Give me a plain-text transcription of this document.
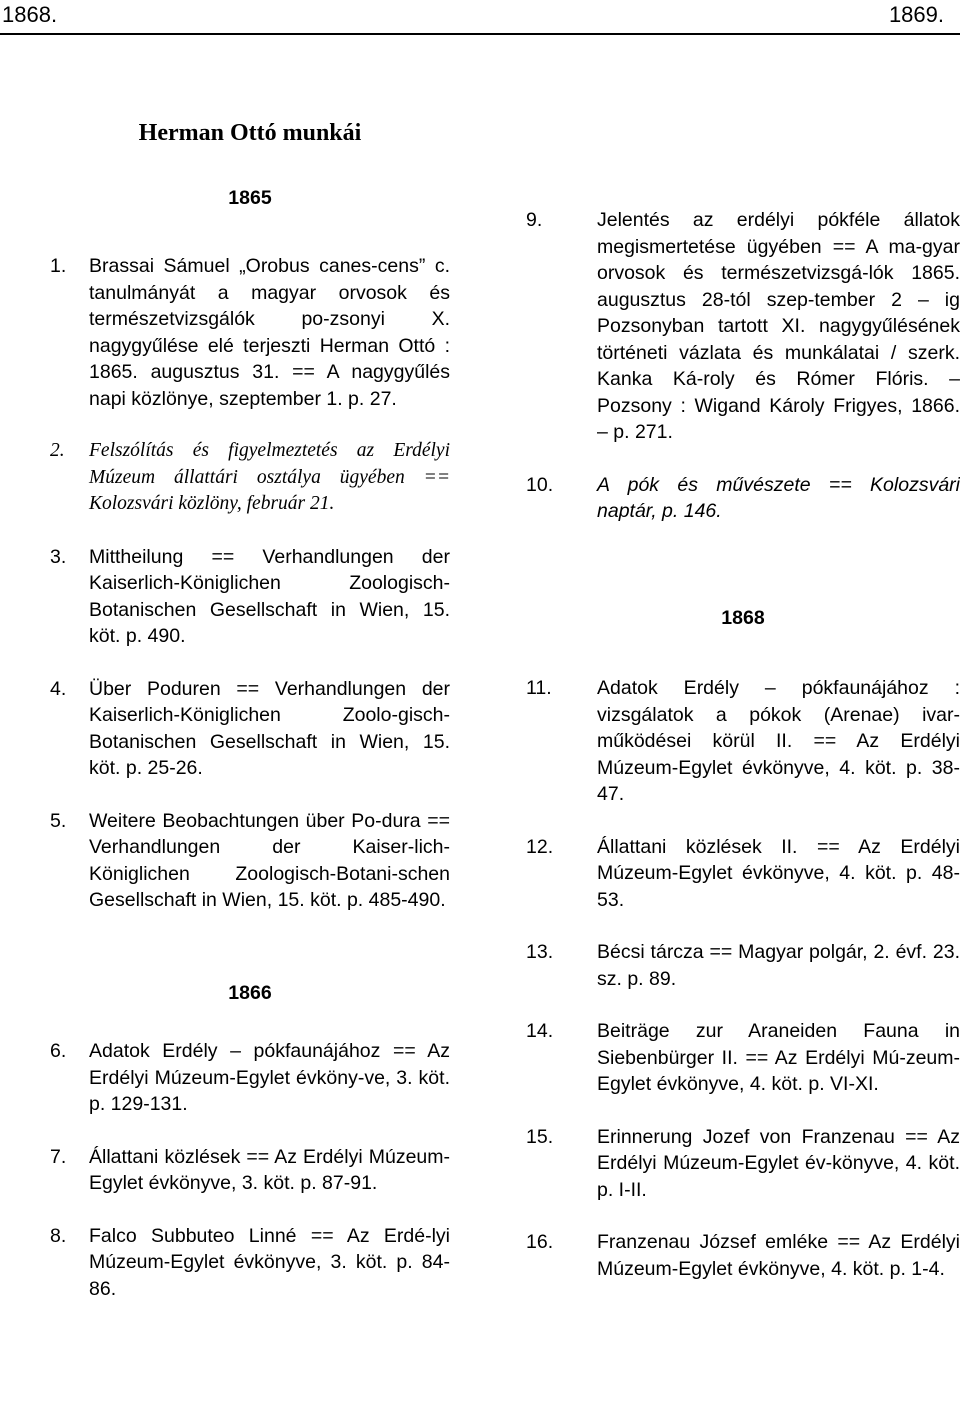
1868.	1869.
Herman Ottó munkái
1865
1.	Brassai Sámuel „Orobus canes-cens” c. tanulmányát a magyar orvosok és természetvizsgálók po-zsonyi X. nagygyűlése elé terjeszti Herman Ottó : 1865. augusztus 31. == A nagygyűlés napi közlönye, szeptember 1. p. 27.
2.	Felszólítás és figyelmeztetés az Erdélyi Múzeum állattári osztálya ügyében == Kolozsvári közlöny, február 21.
3.	Mittheilung == Verhandlungen der Kaiserlich-Königlichen Zoologisch-Botanischen Gesellschaft in Wien, 15. köt. p. 490.
4.	Über Poduren == Verhandlungen der Kaiserlich-Königlichen Zoolo-gisch-Botanischen Gesellschaft in Wien, 15. köt. p. 25-26.
5.	Weitere Beobachtungen über Po-dura == Verhandlungen der Kaiser-lich-Königlichen Zoologisch-Botani-schen Gesellschaft in Wien, 15. köt. p. 485-490.
1866
6.	Adatok Erdély – pókfaunájához == Az Erdélyi Múzeum-Egylet évköny-ve, 3. köt. p. 129-131.
7.	Állattani közlések == Az Erdélyi Múzeum-Egylet évkönyve, 3. köt. p. 87-91.
8.	Falco Subbuteo Linné == Az Erdé-lyi Múzeum-Egylet évkönyve, 3. köt. p. 84-86.
9.	Jelentés az erdélyi pókféle állatok megismertetése ügyében == A ma-gyar orvosok és természetvizsgá-lók 1865. augusztus 28-tól szep-tember 2 – ig Pozsonyban tartott XI. nagygyűlésének történeti vázlata és munkálatai / szerk. Kanka Ká-roly és Rómer Flóris. – Pozsony : Wigand Károly Frigyes, 1866. – p. 271.
10.	A pók és művészete == Kolozsvári naptár, p. 146.
1868
11.	Adatok Erdély – pókfaunájához : vizsgálatok a pókok (Arenae) ivar-működései körül II. == Az Erdélyi Múzeum-Egylet évkönyve, 4. köt. p. 38-47.
12.	Állattani közlések II. == Az Erdélyi Múzeum-Egylet évkönyve, 4. köt. p. 48-53.
13.	Bécsi tárcza == Magyar polgár, 2. évf. 23. sz. p. 89.
14.	Beiträge zur Araneiden Fauna in Siebenbürger II. == Az Erdélyi Mú-zeum-Egylet évkönyve, 4. köt. p. VI-XI.
15.	Erinnerung Jozef von Franzenau == Az Erdélyi Múzeum-Egylet év-könyve, 4. köt. p. I-II.
16.	Franzenau József emléke == Az Erdélyi Múzeum-Egylet évkönyve, 4. köt. p. 1-4.
